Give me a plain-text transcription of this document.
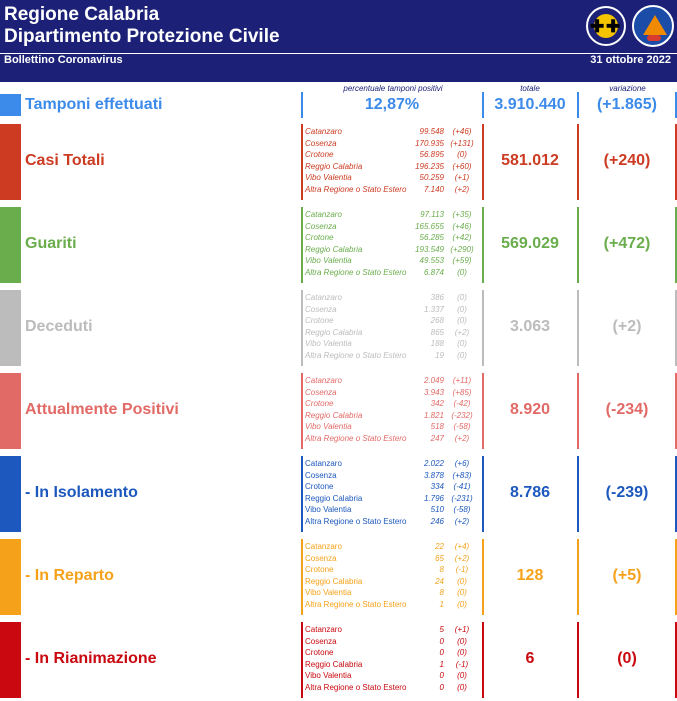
Regione Calabria
Dipartimento Protezione Civile	✚ ✚
Bollettino Coronavirus	31 ottobre 2022
percentuale tamponi positivi	totale	variazione
Tamponi effettuati	12,87%	3.910.440	(+1.865)
Casi Totali
Catanzaro	99.548	(+46)
Cosenza	170.935 (+131)
Crotone	56.895	(0)
Reggio Calabria	196.235	(+60)
Vibo Valentia	50.259	(+1)
Altra Regione o Stato Estero 7.140	(+2)
581.012	(+240)
Guariti
Catanzaro	97.113	(+35)
Cosenza	165.655	(+46)
Crotone	56.285	(+42)
Reggio Calabria	193.549 (+290)
Vibo Valentia	49.553	(+59)
Altra Regione o Stato Estero 6.874	(0)
569.029	(+472)
Deceduti
Catanzaro	386	(0)
Cosenza	1.337	(0)
Crotone	268	(0)
Reggio Calabria	865	(+2)
Vibo Valentia	188	(0)
Altra Regione o Stato Estero	19	(0)
3.063	(+2)
Attualmente Positivi
Catanzaro	2.049	(+11)
Cosenza	3.943	(+85)
Crotone	342	(-42)
Reggio Calabria	1.821 (-232)
Vibo Valentia	518	(-58)
Altra Regione o Stato Estero	247	(+2)
8.920	(-234)
- In Isolamento
Catanzaro	2.022	(+6)
Cosenza	3.878	(+83)
Crotone	334	(-41)
Reggio Calabria	1.796 (-231)
Vibo Valentia	510	(-58)
Altra Regione o Stato Estero	246	(+2)
8.786	(-239)
- In Reparto
Catanzaro	22	(+4)
Cosenza	65	(+2)
Crotone	8	(-1)
Reggio Calabria	24	(0)
Vibo Valentia	8	(0)
Altra Regione o Stato Estero	1	(0)
128	(+5)
- In Rianimazione
Catanzaro	5	(+1)
Cosenza	0	(0)
Crotone	0	(0)
Reggio Calabria	1	(-1)
Vibo Valentia	0	(0)
Altra Regione o Stato Estero	0	(0)
6	(0)
